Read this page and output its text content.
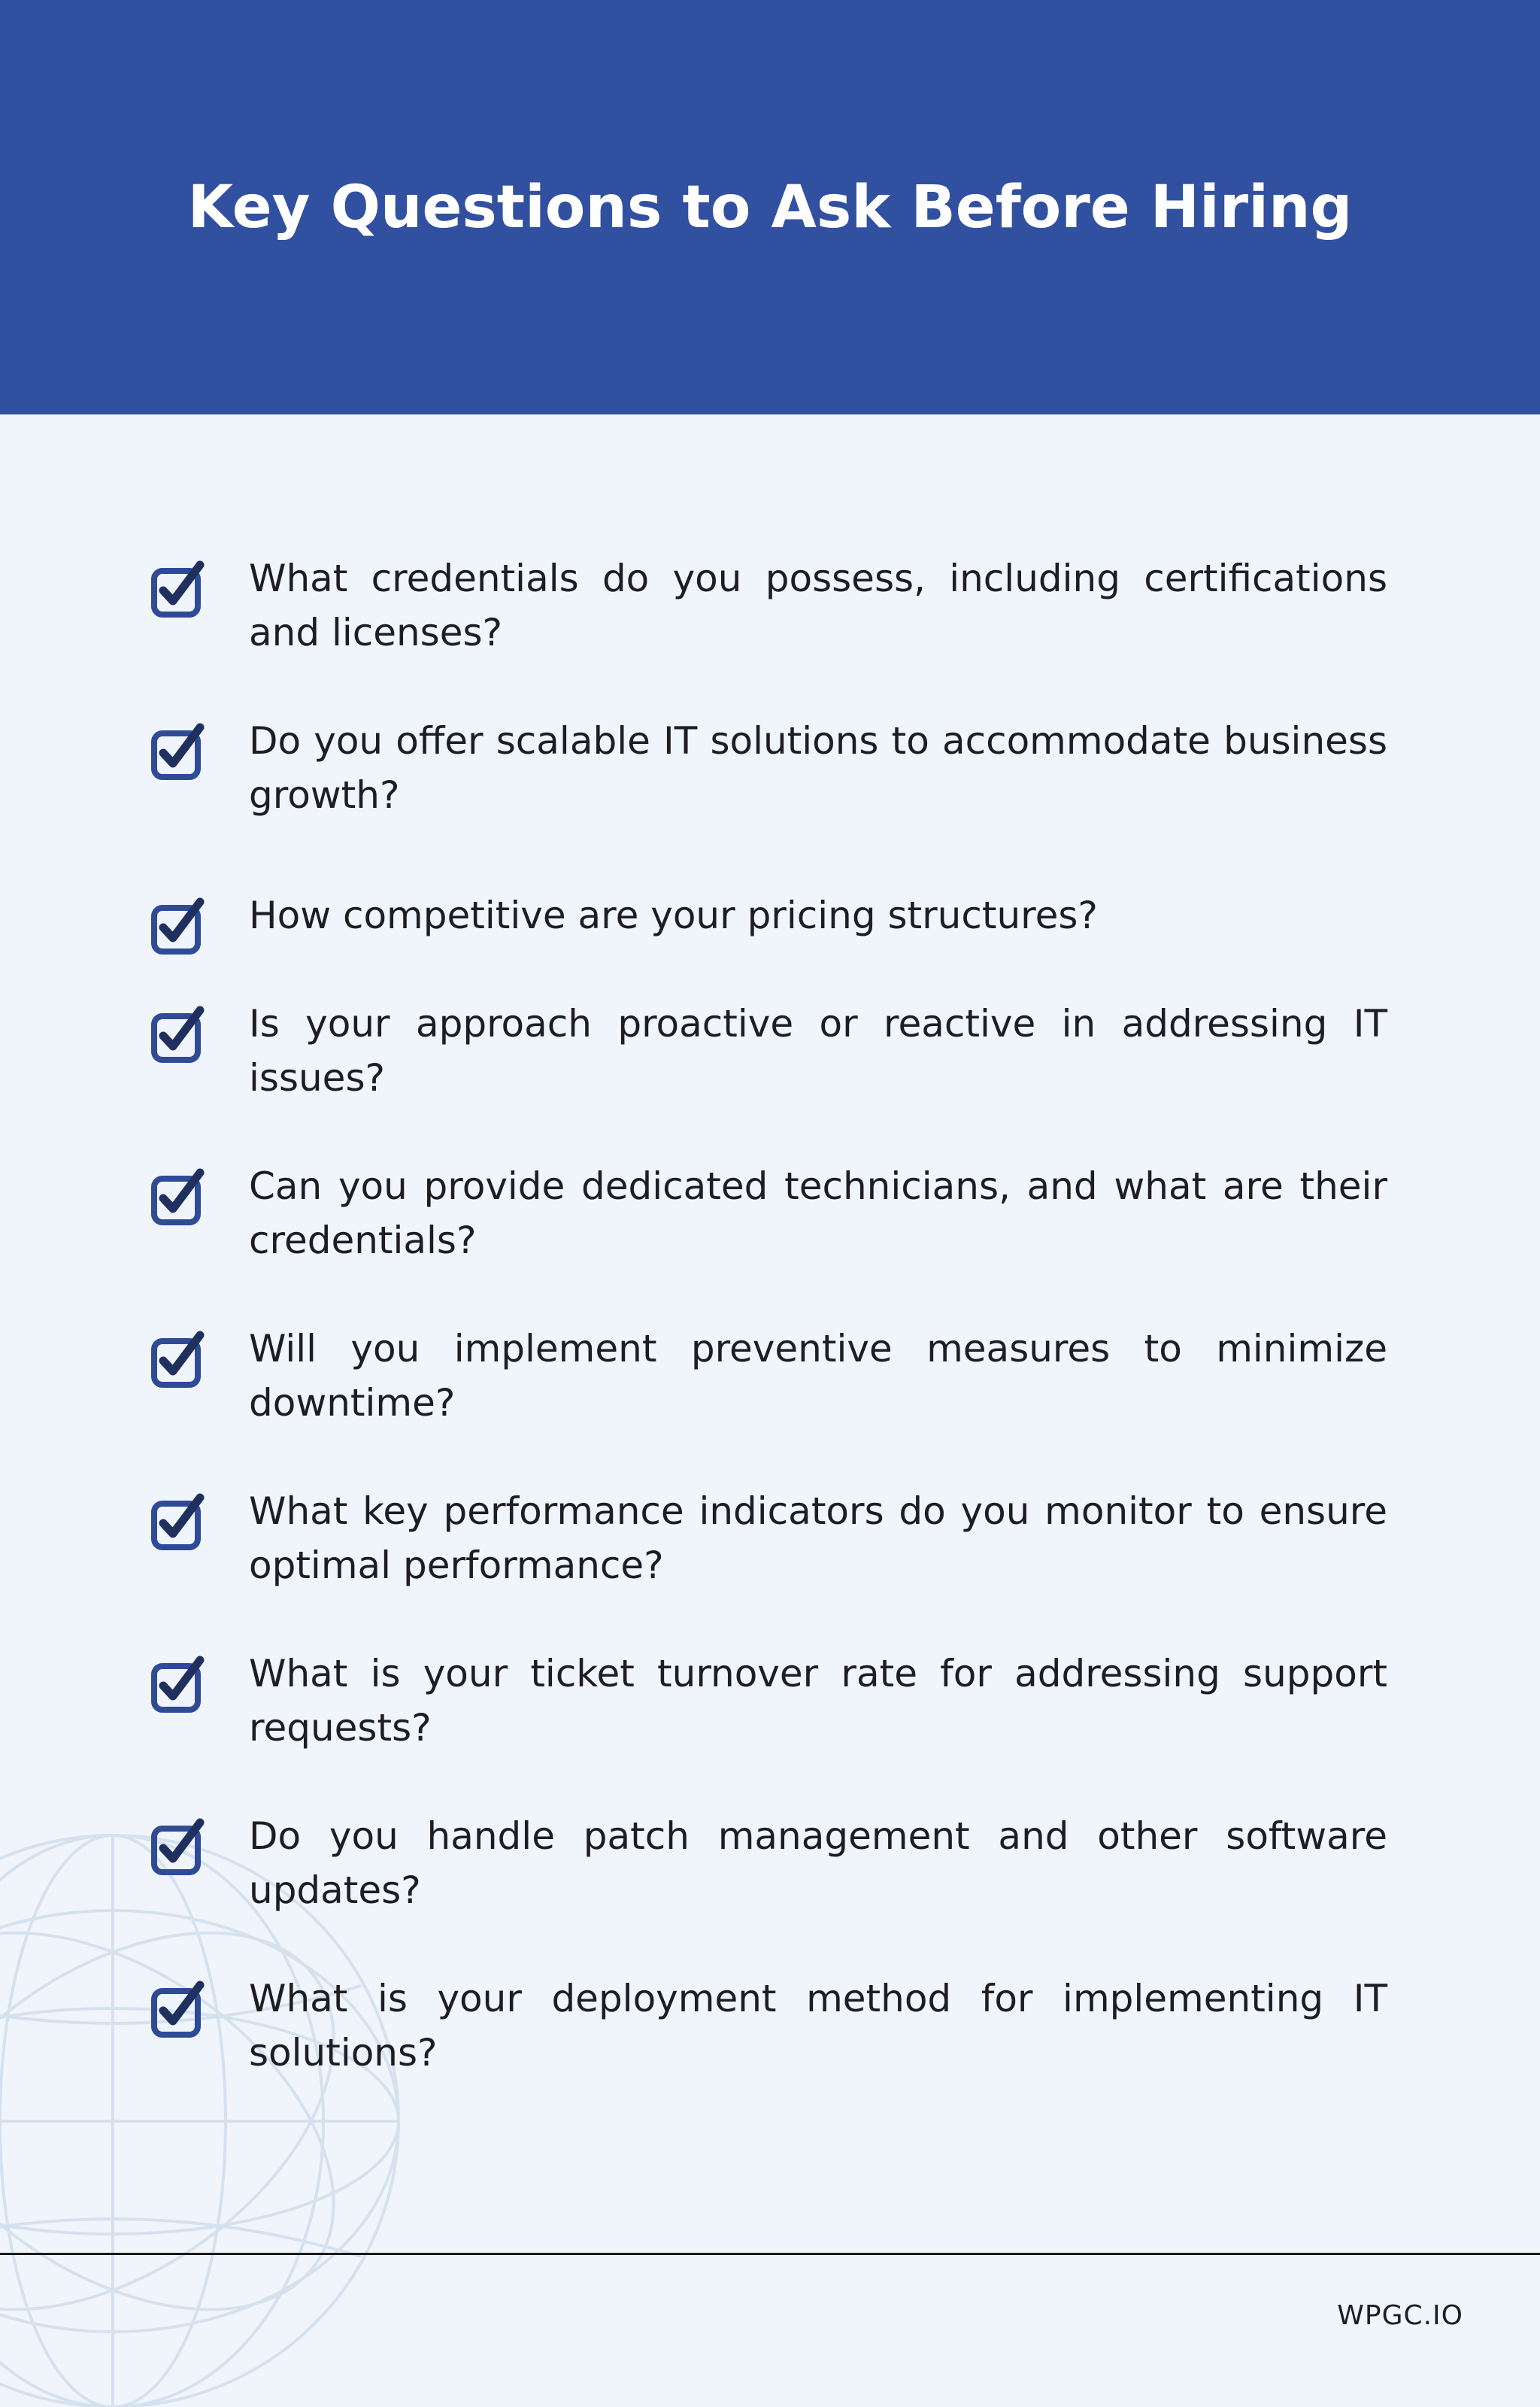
Key Questions to Ask Before Hiring

What credentials do you possess, including certifications and licenses?

Do you offer scalable IT solutions to accommodate business growth?

How competitive are your pricing structures?

Is your approach proactive or reactive in addressing IT issues?

Can you provide dedicated technicians, and what are their credentials?

Will you implement preventive measures to minimize downtime?

What key performance indicators do you monitor to ensure optimal performance?

What is your ticket turnover rate for addressing support requests?

Do you handle patch management and other software updates?

What is your deployment method for implementing IT solutions?

WPGC.IO
